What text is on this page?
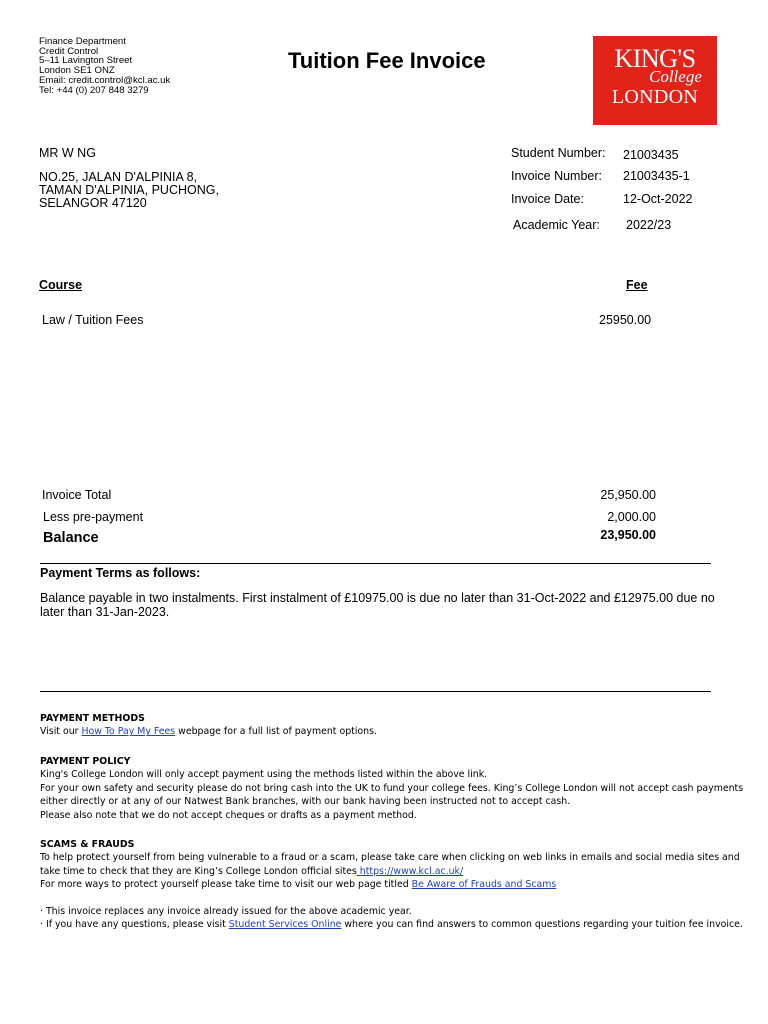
Finance Department
Credit Control
5–11 Lavington Street
London SE1 ONZ
Email: credit.control@kcl.ac.uk
Tel: +44 (0) 207 848 3279
Tuition Fee Invoice	KING'S
College
LONDON
MR W NG
NO.25, JALAN D'ALPINIA 8,
TAMAN D'ALPINIA, PUCHONG,
SELANGOR 47120
Student Number: 21003435
Invoice Number: 21003435-1
Invoice Date:	12-Oct-2022
Academic Year: 2022/23
Course	Fee
Law / Tuition Fees	25950.00
Invoice Total	25,950.00
Less pre-payment	2,000.00
Balance	23,950.00
Payment Terms as follows:
Balance payable in two instalments. First instalment of £10975.00 is due no later than 31-Oct-2022 and £12975.00 due no later than 31-Jan-2023.

PAYMENT METHODS

Visit our How To Pay My Fees webpage for a full list of payment options.

PAYMENT POLICY

King's College London will only accept payment using the methods listed within the above link.

For your own safety and security please do not bring cash into the UK to fund your college fees. King’s College London will not accept cash payments either directly or at any of our Natwest Bank branches, with our bank having been instructed not to accept cash.

Please also note that we do not accept cheques or drafts as a payment method.

SCAMS & FRAUDS

To help protect yourself from being vulnerable to a fraud or a scam, please take care when clicking on web links in emails and social media sites and take time to check that they are King’s College London official sites https://www.kcl.ac.uk/

For more ways to protect yourself please take time to visit our web page titled Be Aware of Frauds and Scams

· This invoice replaces any invoice already issued for the above academic year.

· If you have any questions, please visit Student Services Online where you can find answers to common questions regarding your tuition fee invoice.
